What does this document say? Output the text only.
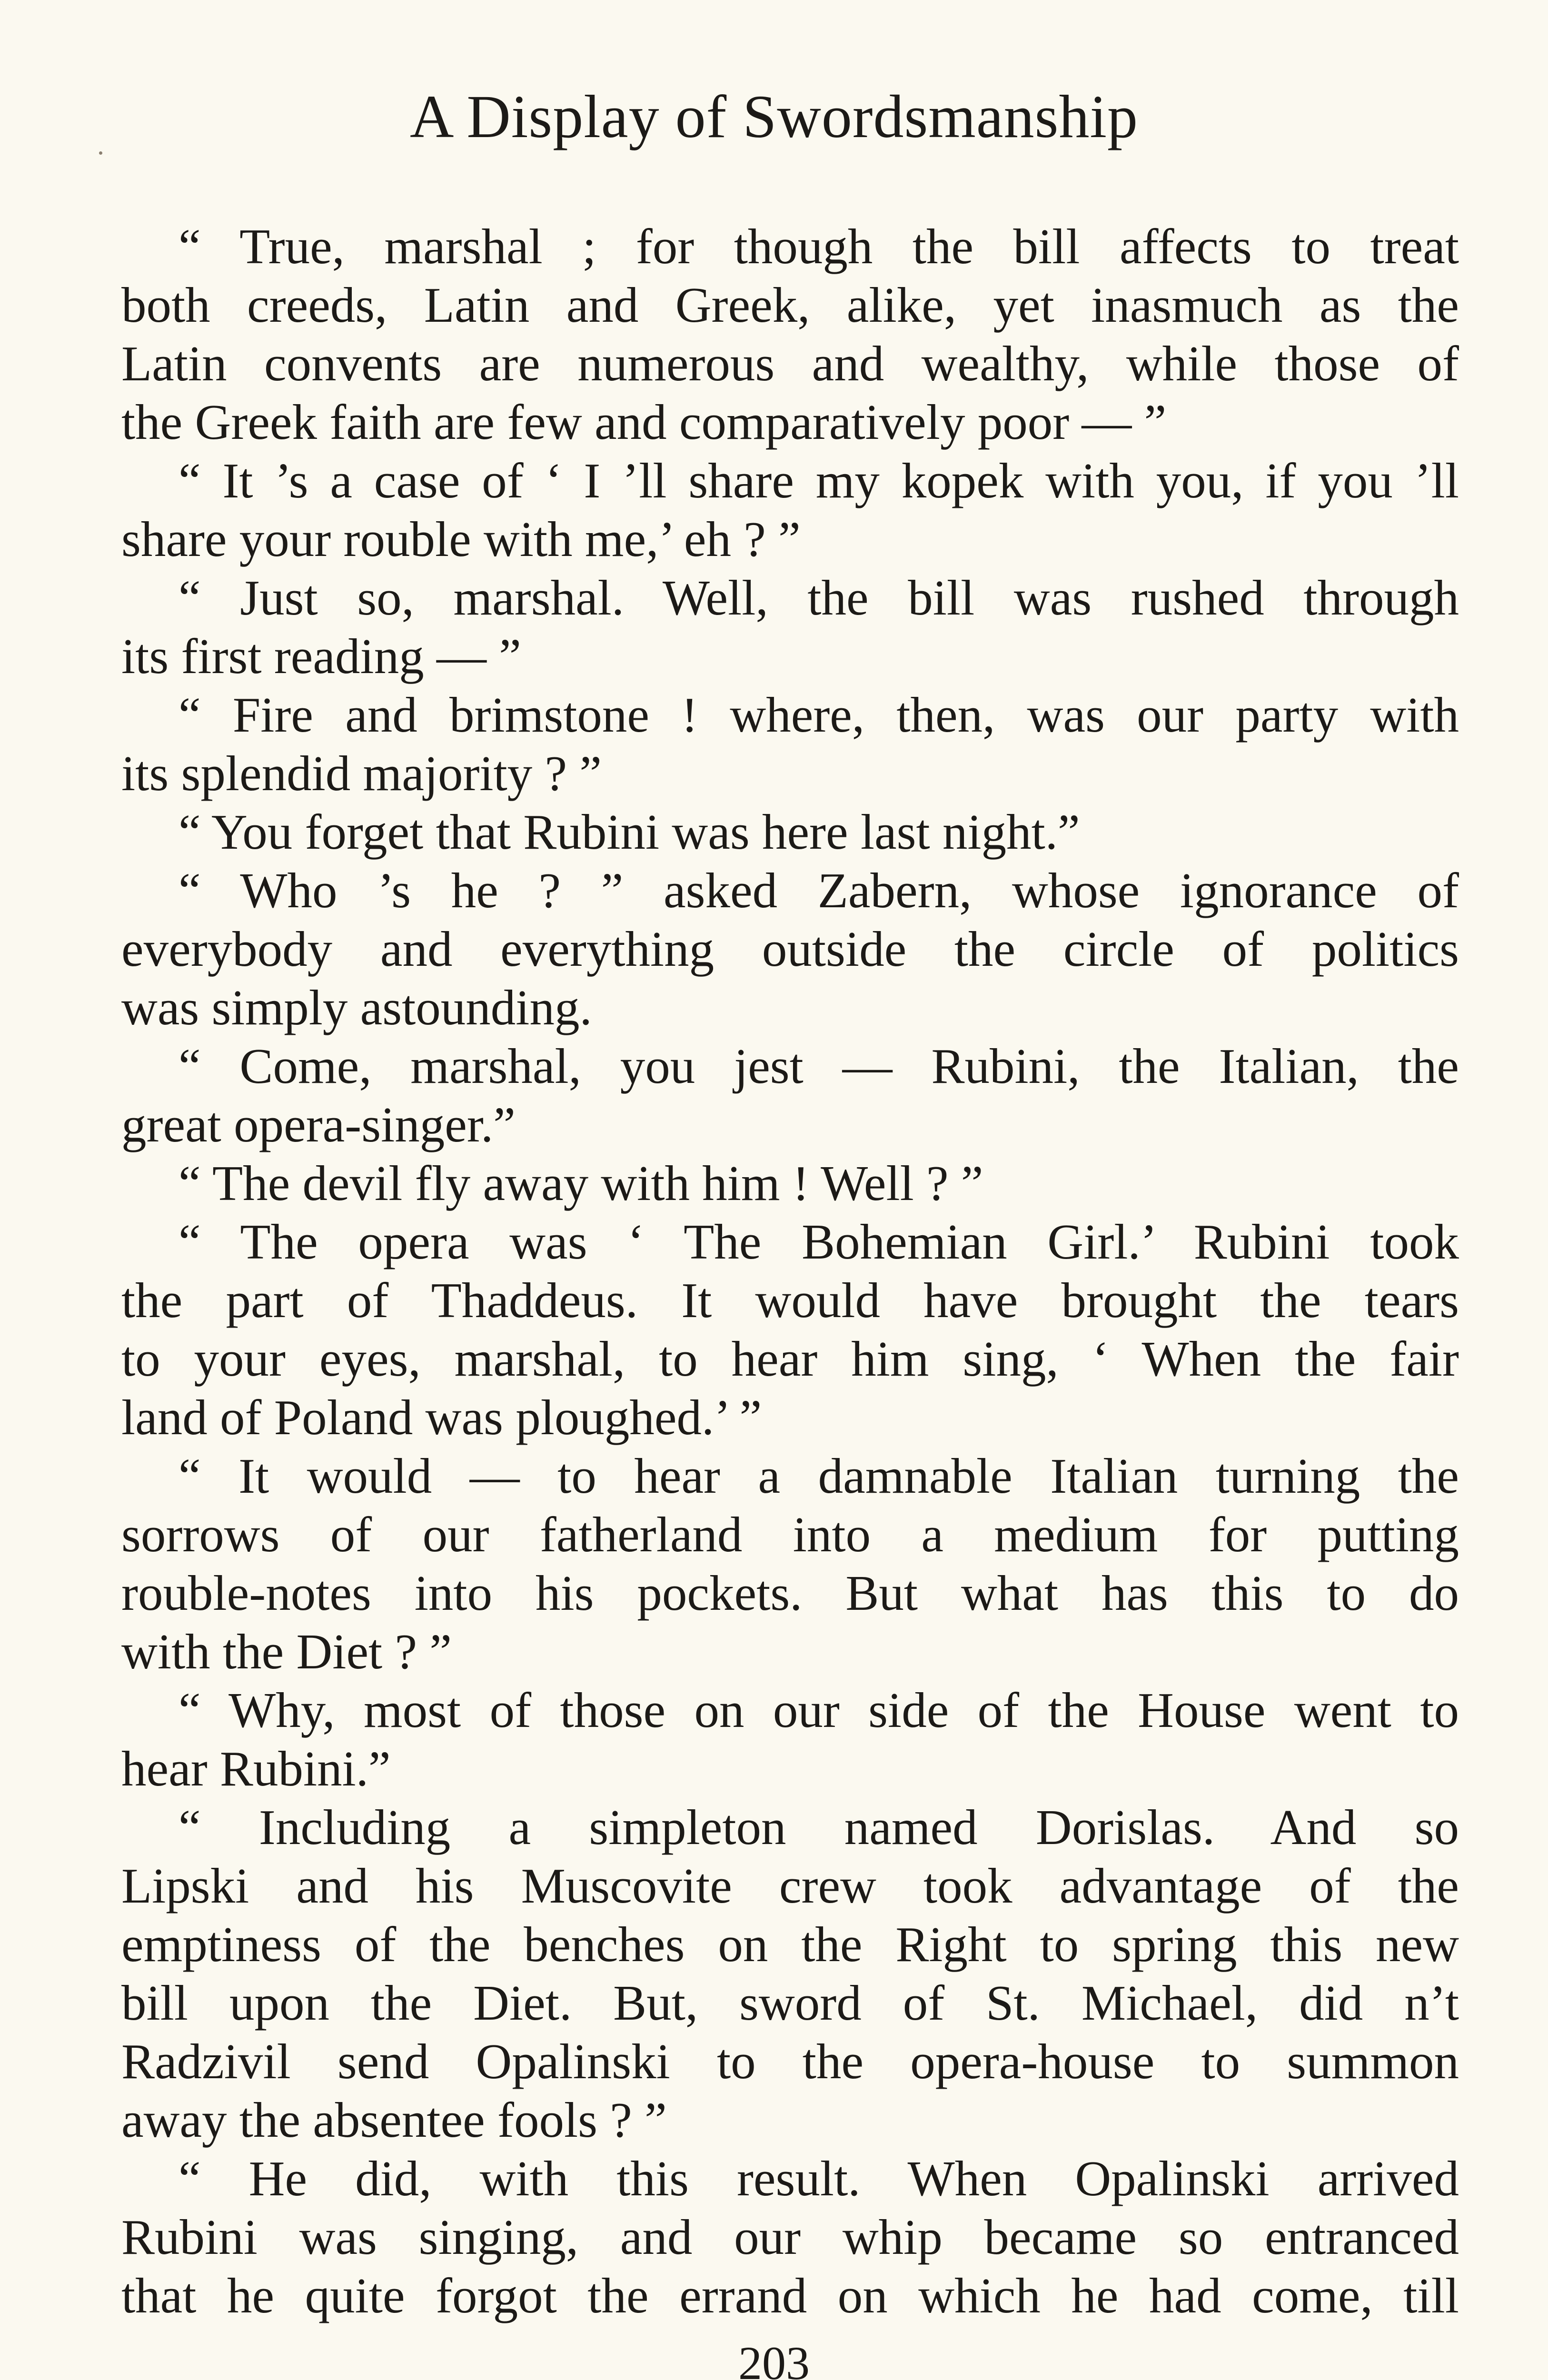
A Display of Swordsmanship
“ True, marshal ; for though the bill affects to treat
both creeds, Latin and Greek, alike, yet inasmuch as the
Latin convents are numerous and wealthy, while those of
the Greek faith are few and comparatively poor — ”
“ It ’s a case of ‘ I ’ll share my kopek with you, if you ’ll
share your rouble with me,’ eh ? ”
“ Just so, marshal. Well, the bill was rushed through
its first reading — ”
“ Fire and brimstone ! where, then, was our party with
its splendid majority ? ”
“ You forget that Rubini was here last night.”
“ Who ’s he ? ” asked Zabern, whose ignorance of
everybody and everything outside the circle of politics
was simply astounding.
“ Come, marshal, you jest — Rubini, the Italian, the
great opera-singer.”
“ The devil fly away with him ! Well ? ”
“ The opera was ‘ The Bohemian Girl.’ Rubini took
the part of Thaddeus. It would have brought the tears
to your eyes, marshal, to hear him sing, ‘ When the fair
land of Poland was ploughed.’ ”
“ It would — to hear a damnable Italian turning the
sorrows of our fatherland into a medium for putting
rouble-notes into his pockets. But what has this to do
with the Diet ? ”
“ Why, most of those on our side of the House went to
hear Rubini.”
“ Including a simpleton named Dorislas. And so
Lipski and his Muscovite crew took advantage of the
emptiness of the benches on the Right to spring this new
bill upon the Diet. But, sword of St. Michael, did n’t
Radzivil send Opalinski to the opera-house to summon
away the absentee fools ? ”
“ He did, with this result. When Opalinski arrived
Rubini was singing, and our whip became so entranced
that he quite forgot the errand on which he had come, till
203
